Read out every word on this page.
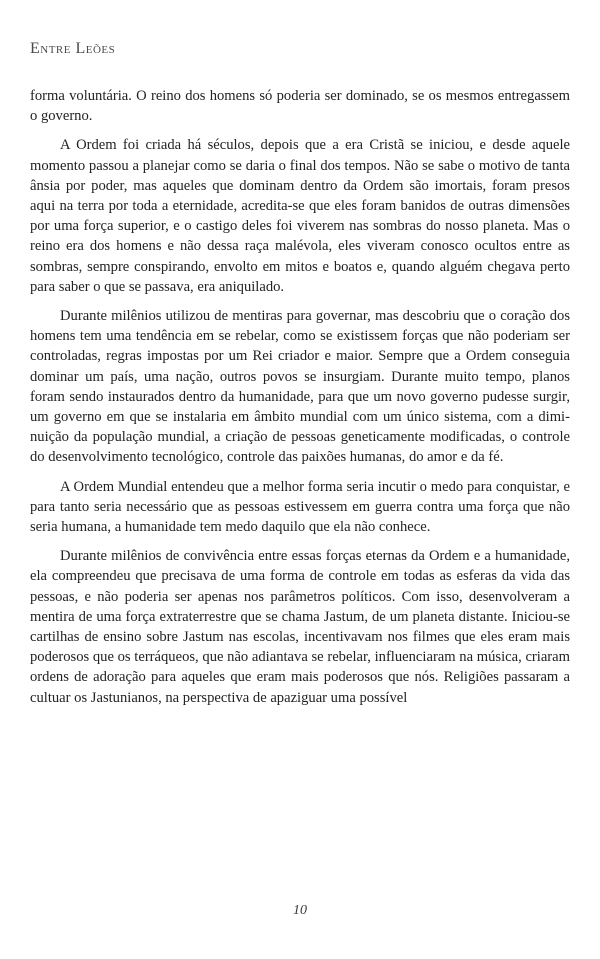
Entre Leões

forma voluntária. O reino dos homens só poderia ser dominado, se os mesmos entregassem o governo.

A Ordem foi criada há séculos, depois que a era Cristã se iniciou, e desde aquele momento passou a planejar como se daria o final dos tempos. Não se sabe o motivo de tanta ânsia por poder, mas aqueles que dominam dentro da Ordem são imortais, foram presos aqui na terra por toda a eternidade, acredita-se que eles foram banidos de outras dimensões por uma força superior, e o castigo deles foi viverem nas sombras do nosso planeta. Mas o reino era dos homens e não dessa raça malévola, eles viveram conosco ocultos entre as sombras, sempre conspirando, envolto em mitos e boatos e, quando alguém chegava perto para saber o que se passava, era aniquilado.

Durante milênios utilizou de mentiras para governar, mas descobriu que o coração dos homens tem uma tendência em se rebelar, como se existissem forças que não poderiam ser controladas, regras impostas por um Rei criador e maior. Sempre que a Ordem conseguia dominar um país, uma nação, outros povos se insurgiam. Durante muito tempo, planos foram sendo instaurados dentro da humanidade, para que um novo governo pudesse surgir, um governo em que se instalaria em âmbito mundial com um único sistema, com a diminuição da população mundial, a criação de pessoas geneticamente modificadas, o controle do desenvolvimento tecnológico, controle das paixões humanas, do amor e da fé.

A Ordem Mundial entendeu que a melhor forma seria incutir o medo para conquistar, e para tanto seria necessário que as pessoas estivessem em guerra contra uma força que não seria humana, a humanidade tem medo daquilo que ela não conhece.

Durante milênios de convivência entre essas forças eternas da Ordem e a humanidade, ela compreendeu que precisava de uma forma de controle em todas as esferas da vida das pessoas, e não poderia ser apenas nos parâmetros políticos. Com isso, desenvolveram a mentira de uma força extraterrestre que se chama Jastum, de um planeta distante. Iniciou-se cartilhas de ensino sobre Jastum nas escolas, incentivavam nos filmes que eles eram mais poderosos que os terráqueos, que não adiantava se rebelar, influenciaram na música, criaram ordens de adoração para aqueles que eram mais poderosos que nós. Religiões passaram a cultuar os Jastunianos, na perspectiva de apaziguar uma possível

10
